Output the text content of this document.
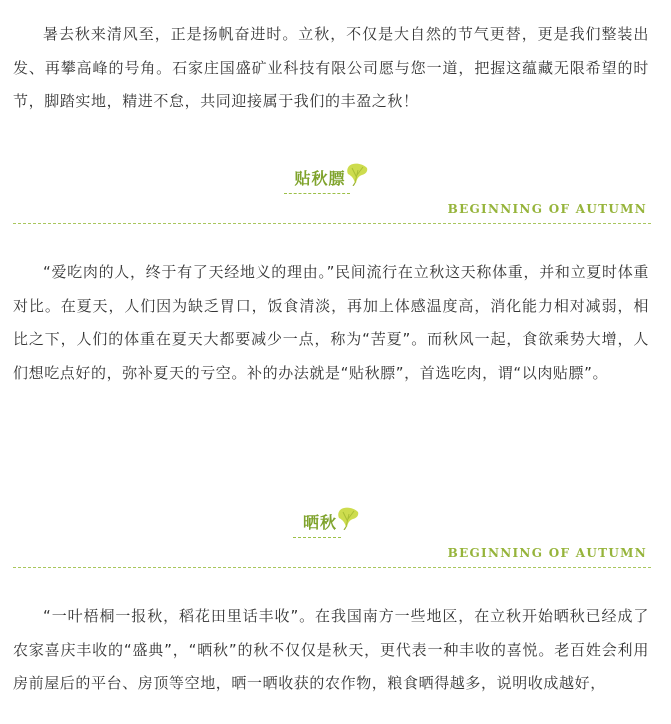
暑去秋来清风至，正是扬帆奋进时。立秋，不仅是大自然的节气更替，更是我们整装出发、再攀高峰的号角。石家庄国盛矿业科技有限公司愿与您一道，把握这蕴藏无限希望的时节，脚踏实地，精进不怠，共同迎接属于我们的丰盈之秋！

贴秋膘
BEGINNING OF AUTUMN

“爱吃肉的人，终于有了天经地义的理由。”民间流行在立秋这天称体重，并和立夏时体重对比。在夏天，人们因为缺乏胃口，饭食清淡，再加上体感温度高，消化能力相对减弱，相比之下，人们的体重在夏天大都要减少一点，称为“苦夏”。而秋风一起，食欲乘势大增，人们想吃点好的，弥补夏天的亏空。补的办法就是“贴秋膘”，首选吃肉，谓“以肉贴膘”。

晒秋
BEGINNING OF AUTUMN

“一叶梧桐一报秋，稻花田里话丰收”。在我国南方一些地区，在立秋开始晒秋已经成了农家喜庆丰收的“盛典”，“晒秋”的秋不仅仅是秋天，更代表一种丰收的喜悦。老百姓会利用房前屋后的平台、房顶等空地，晒一晒收获的农作物，粮食晒得越多，说明收成越好，
